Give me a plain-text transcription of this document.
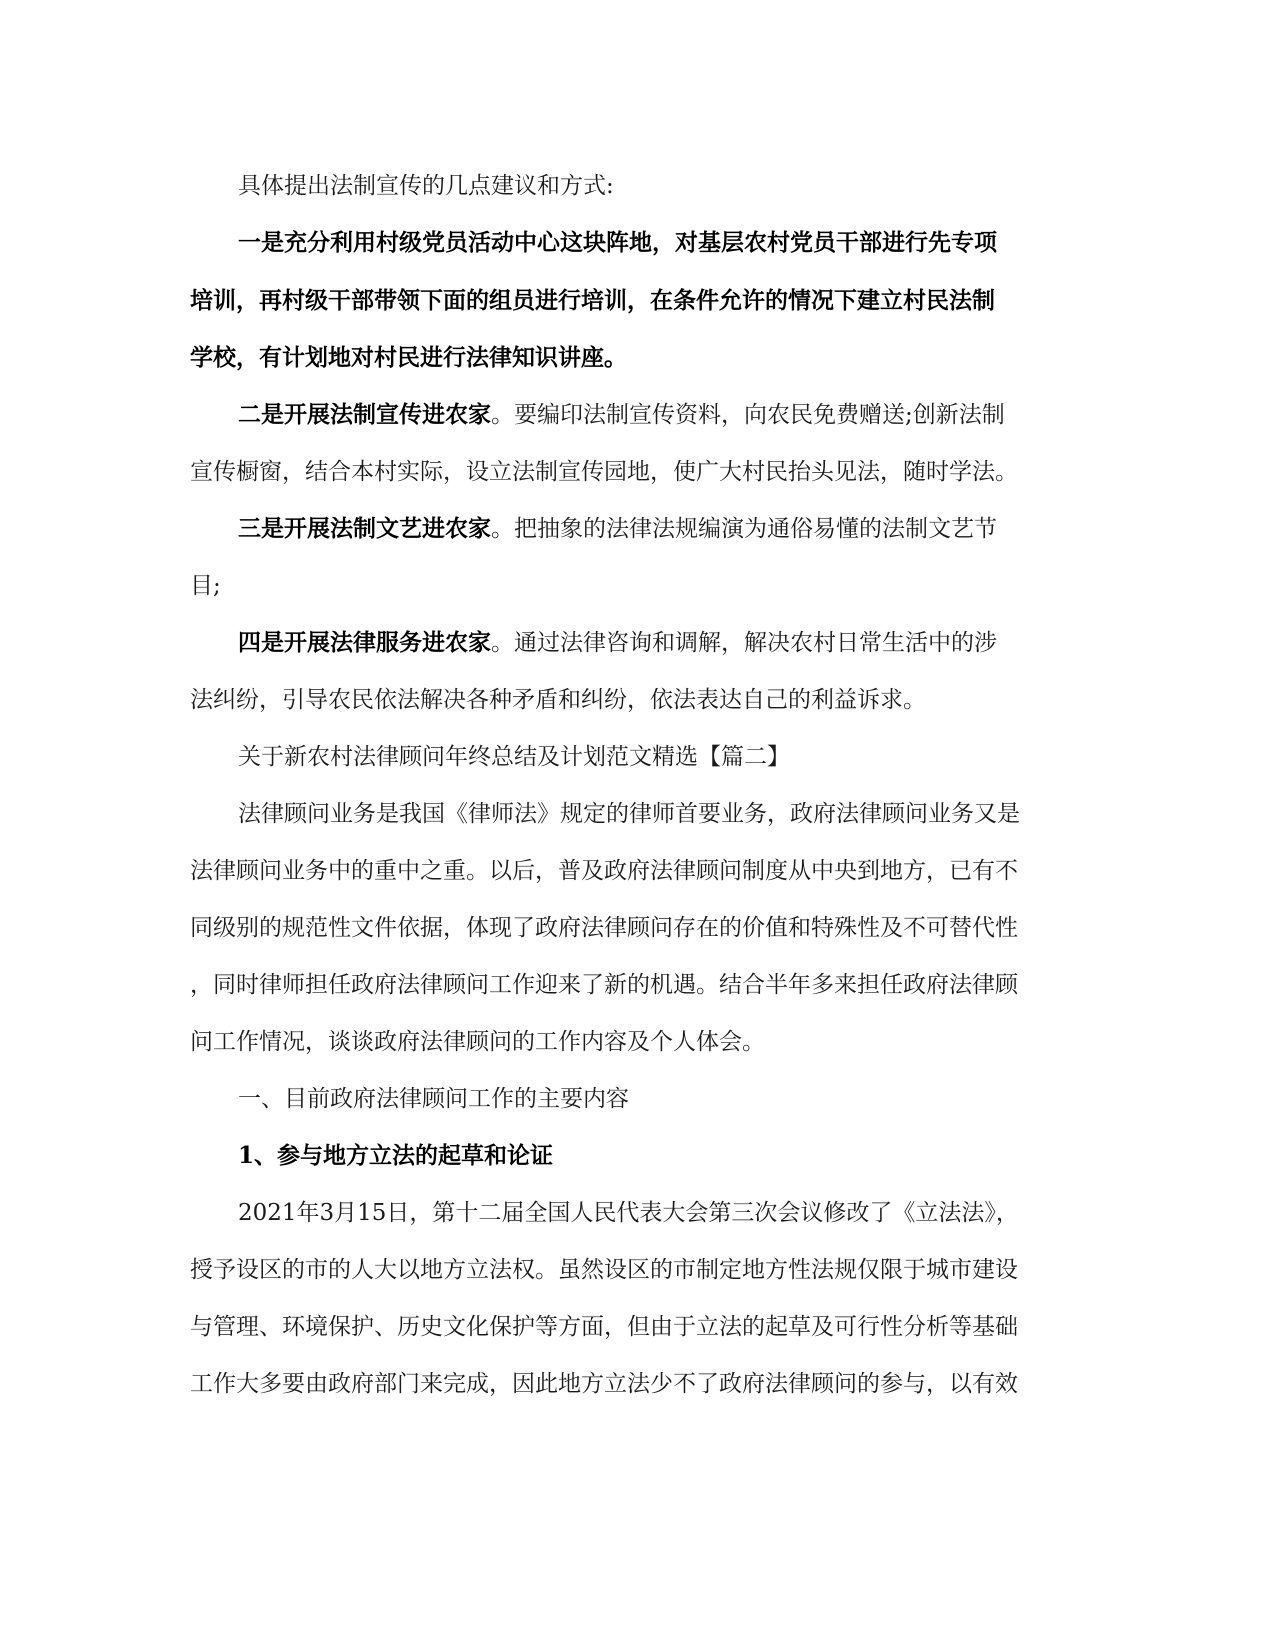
具体提出法制宣传的几点建议和方式:

一是充分利用村级党员活动中心这块阵地，对基层农村党员干部进行先专项

培训，再村级干部带领下面的组员进行培训，在条件允许的情况下建立村民法制

学校，有计划地对村民进行法律知识讲座。

二是开展法制宣传进农家。要编印法制宣传资料，向农民免费赠送;创新法制

宣传橱窗，结合本村实际，设立法制宣传园地，使广大村民抬头见法，随时学法。

三是开展法制文艺进农家。把抽象的法律法规编演为通俗易懂的法制文艺节

目;

四是开展法律服务进农家。通过法律咨询和调解，解决农村日常生活中的涉

法纠纷，引导农民依法解决各种矛盾和纠纷，依法表达自己的利益诉求。

关于新农村法律顾问年终总结及计划范文精选【篇二】

法律顾问业务是我国《律师法》规定的律师首要业务，政府法律顾问业务又是

法律顾问业务中的重中之重。以后，普及政府法律顾问制度从中央到地方，已有不

同级别的规范性文件依据，体现了政府法律顾问存在的价值和特殊性及不可替代性

，同时律师担任政府法律顾问工作迎来了新的机遇。结合半年多来担任政府法律顾

问工作情况，谈谈政府法律顾问的工作内容及个人体会。

一、目前政府法律顾问工作的主要内容

1、参与地方立法的起草和论证

2021年3月15日，第十二届全国人民代表大会第三次会议修改了《立法法》，

授予设区的市的人大以地方立法权。虽然设区的市制定地方性法规仅限于城市建设

与管理、环境保护、历史文化保护等方面，但由于立法的起草及可行性分析等基础

工作大多要由政府部门来完成，因此地方立法少不了政府法律顾问的参与，以有效
